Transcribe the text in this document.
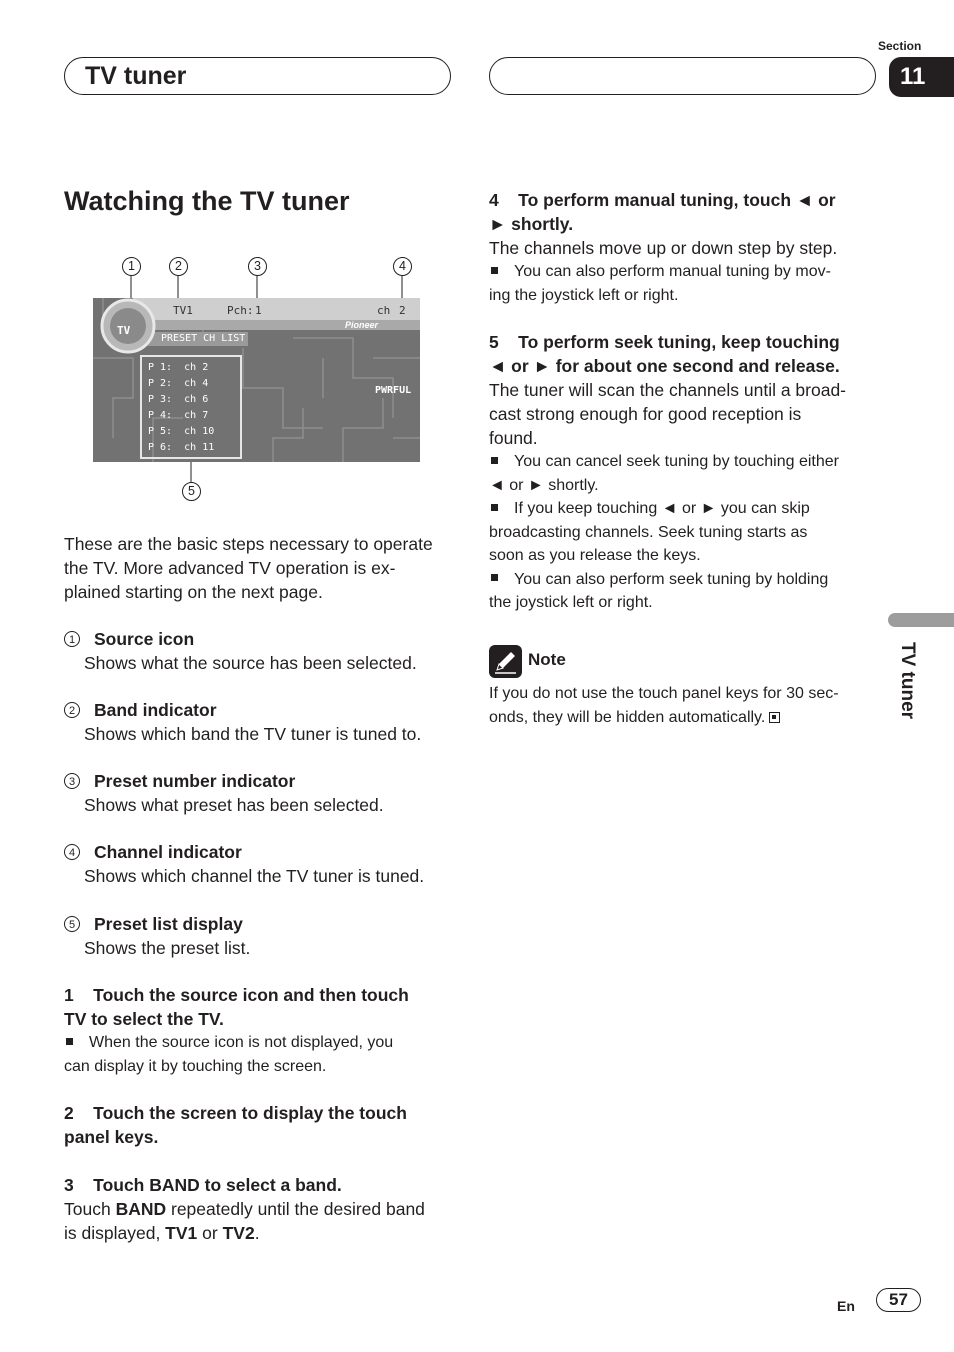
TV tuner
Section
11
Watching the TV tuner
1	2	3	4
5
TV
TV1	Pch: 1	ch 2
Pioneer
PRESET CH LIST
PWRFUL
P 1: ch 2
P 2: ch 4
P 3: ch 6
P 4: ch 7
P 5: ch 10
P 6: ch 11
These are the basic steps necessary to operate the TV. More advanced TV operation is ex- plained starting on the next page.
1 Source icon
Shows what the source has been selected.
2 Band indicator
Shows which band the TV tuner is tuned to.
3 Preset number indicator
Shows what preset has been selected.
4 Channel indicator
Shows which channel the TV tuner is tuned.
5 Preset list display
Shows the preset list.
1    Touch the source icon and then touch
TV to select the TV.
When the source icon is not displayed, you
can display it by touching the screen.
2    Touch the screen to display the touch
panel keys.
3    Touch BAND to select a band.
Touch BAND repeatedly until the desired band
is displayed, TV1 or TV2.
4    To perform manual tuning, touch ◄ or
► shortly.
The channels move up or down step by step.
You can also perform manual tuning by mov-
ing the joystick left or right.
5    To perform seek tuning, keep touching
◄ or ► for about one second and release.
The tuner will scan the channels until a broad-
cast strong enough for good reception is
found.
You can cancel seek tuning by touching either
◄ or ► shortly.
If you keep touching ◄ or ► you can skip
broadcasting channels. Seek tuning starts as
soon as you release the keys.
You can also perform seek tuning by holding
the joystick left or right.
Note
If you do not use the touch panel keys for 30 sec-
onds, they will be hidden automatically.	TV tuner
En	57
